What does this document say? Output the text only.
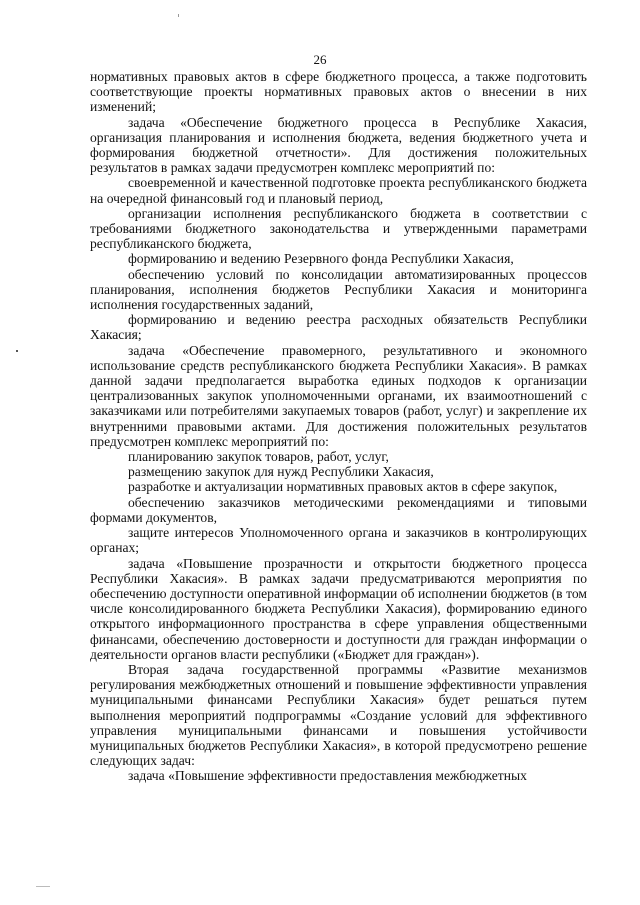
26

нормативных правовых актов в сфере бюджетного процесса, а также подготовить соответствующие проекты нормативных правовых актов о внесении в них изменений;

задача «Обеспечение бюджетного процесса в Республике Хакасия, организация планирования и исполнения бюджета, ведения бюджетного учета и формирования бюджетной отчетности». Для достижения положительных результатов в рамках задачи предусмотрен комплекс мероприятий по:

своевременной и качественной подготовке проекта республиканского бюджета на очередной финансовый год и плановый период,

организации исполнения республиканского бюджета в соответствии с требованиями бюджетного законодательства и утвержденными параметрами республиканского бюджета,

формированию и ведению Резервного фонда Республики Хакасия,

обеспечению условий по консолидации автоматизированных процессов планирования, исполнения бюджетов Республики Хакасия и мониторинга исполнения государственных заданий,

формированию и ведению реестра расходных обязательств Республики Хакасия;

задача «Обеспечение правомерного, результативного и экономного использование средств республиканского бюджета Республики Хакасия». В рамках данной задачи предполагается выработка единых подходов к организации централизованных закупок уполномоченными органами, их взаимоотношений с заказчиками или потребителями закупаемых товаров (работ, услуг) и закрепление их внутренними правовыми актами. Для достижения положительных результатов предусмотрен комплекс мероприятий по:

планированию закупок товаров, работ, услуг,

размещению закупок для нужд Республики Хакасия,

разработке и актуализации нормативных правовых актов в сфере закупок,

обеспечению заказчиков методическими рекомендациями и типовыми формами документов,

защите интересов Уполномоченного органа и заказчиков в контролирующих органах;

задача «Повышение прозрачности и открытости бюджетного процесса Республики Хакасия». В рамках задачи предусматриваются мероприятия по обеспечению доступности оперативной информации об исполнении бюджетов (в том числе консолидированного бюджета Республики Хакасия), формированию единого открытого информационного пространства в сфере управления общественными финансами, обеспечению достоверности и доступности для граждан информации о деятельности органов власти республики («Бюджет для граждан»).

Вторая задача государственной программы «Развитие механизмов регулирования межбюджетных отношений и повышение эффективности управления муниципальными финансами Республики Хакасия» будет решаться путем выполнения мероприятий подпрограммы «Создание условий для эффективного управления муниципальными финансами и повышения устойчивости муниципальных бюджетов Республики Хакасия», в которой предусмотрено решение следующих задач:

задача «Повышение эффективности предоставления межбюджетных
